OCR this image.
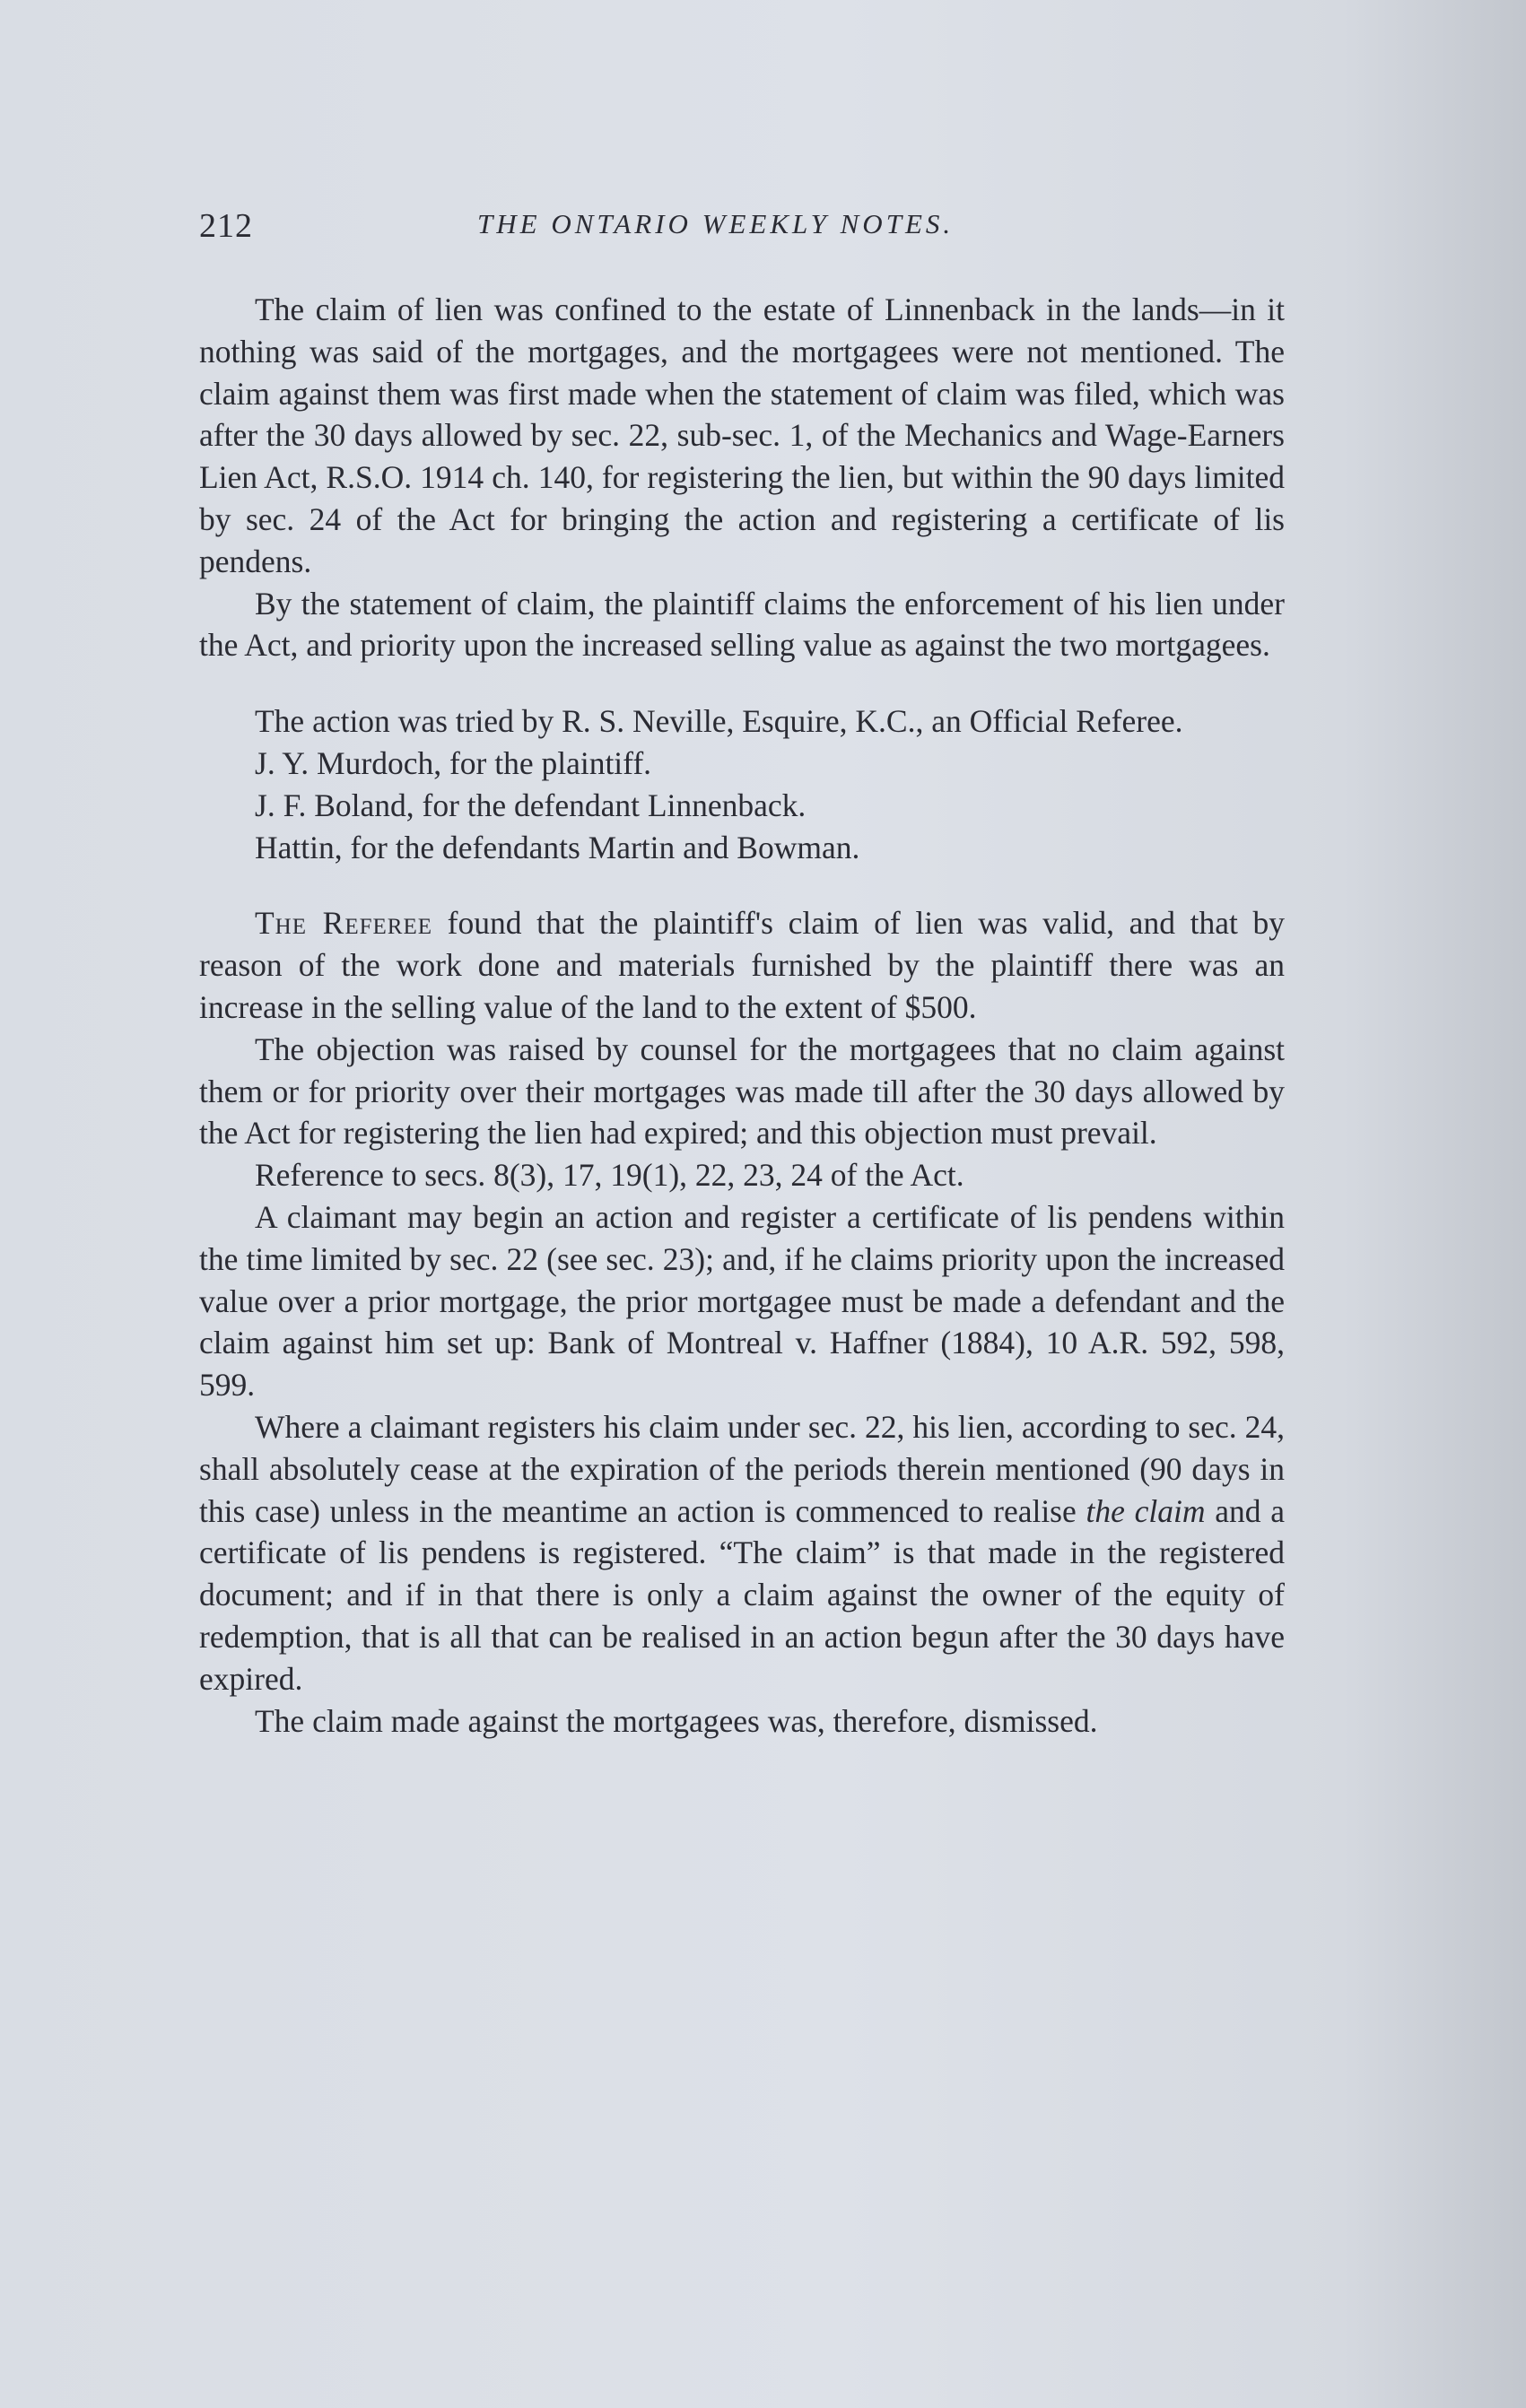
212	THE ONTARIO WEEKLY NOTES.

The claim of lien was confined to the estate of Linnenback in the lands—in it nothing was said of the mortgages, and the mortgagees were not mentioned. The claim against them was first made when the statement of claim was filed, which was after the 30 days allowed by sec. 22, sub-sec. 1, of the Mechanics and Wage-Earners Lien Act, R.S.O. 1914 ch. 140, for registering the lien, but within the 90 days limited by sec. 24 of the Act for bringing the action and registering a certificate of lis pendens.

By the statement of claim, the plaintiff claims the enforcement of his lien under the Act, and priority upon the increased selling value as against the two mortgagees.

The action was tried by R. S. Neville, Esquire, K.C., an Official Referee.

J. Y. Murdoch, for the plaintiff.

J. F. Boland, for the defendant Linnenback.

Hattin, for the defendants Martin and Bowman.

The Referee found that the plaintiff's claim of lien was valid, and that by reason of the work done and materials furnished by the plaintiff there was an increase in the selling value of the land to the extent of $500.

The objection was raised by counsel for the mortgagees that no claim against them or for priority over their mortgages was made till after the 30 days allowed by the Act for registering the lien had expired; and this objection must prevail.

Reference to secs. 8(3), 17, 19(1), 22, 23, 24 of the Act.

A claimant may begin an action and register a certificate of lis pendens within the time limited by sec. 22 (see sec. 23); and, if he claims priority upon the increased value over a prior mortgage, the prior mortgagee must be made a defendant and the claim against him set up: Bank of Montreal v. Haffner (1884), 10 A.R. 592, 598, 599.

Where a claimant registers his claim under sec. 22, his lien, according to sec. 24, shall absolutely cease at the expiration of the periods therein mentioned (90 days in this case) unless in the meantime an action is commenced to realise the claim and a certificate of lis pendens is registered. “The claim” is that made in the registered document; and if in that there is only a claim against the owner of the equity of redemption, that is all that can be realised in an action begun after the 30 days have expired.

The claim made against the mortgagees was, therefore, dismissed.
